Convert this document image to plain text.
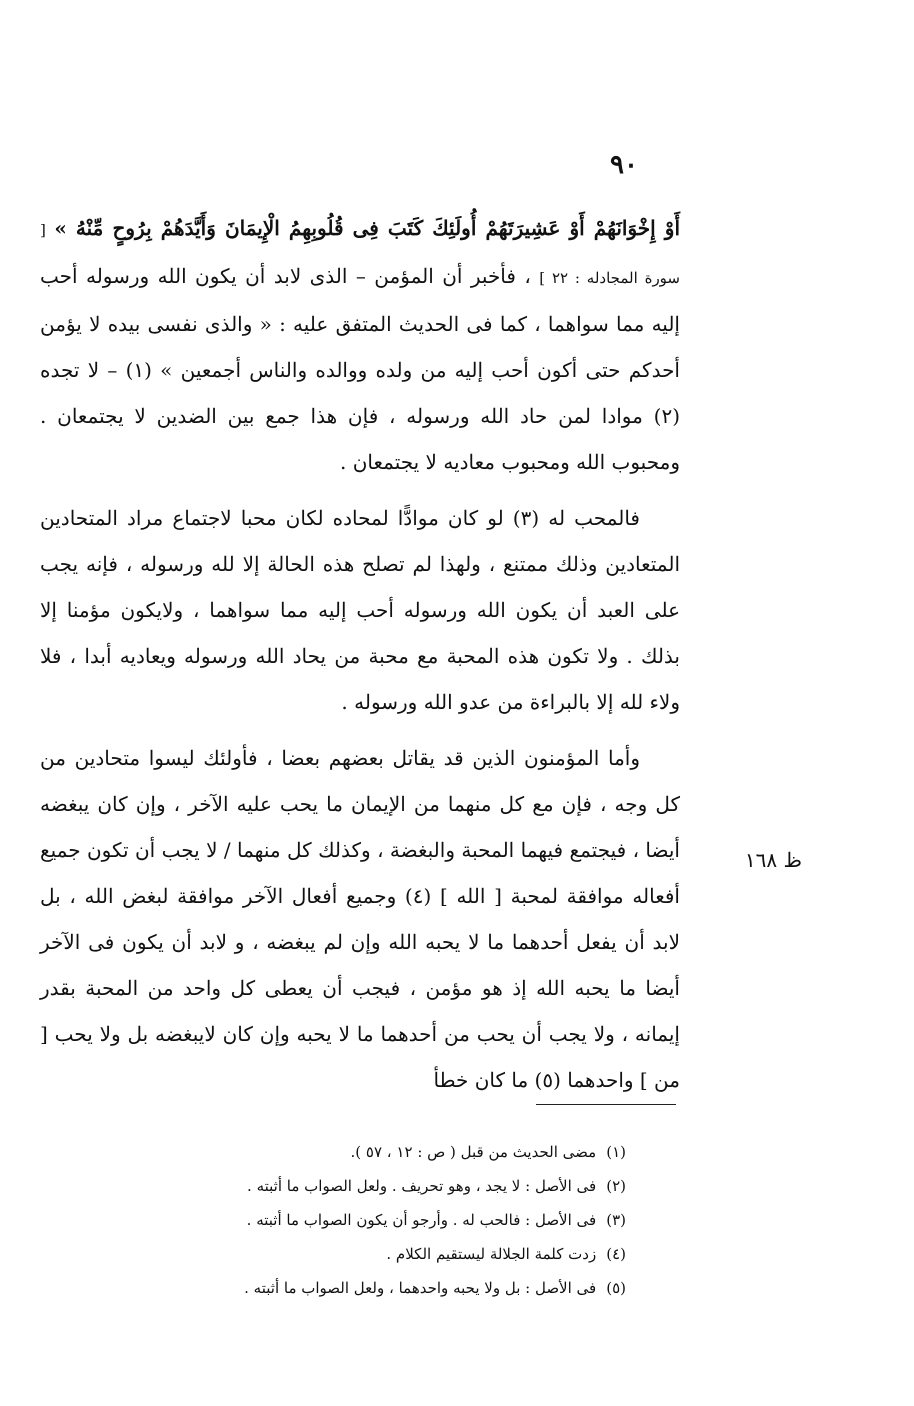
٩٠

أَوْ إِخْوَانَهُمْ أَوْ عَشِيرَتَهُمْ أُولَئِكَ كَتَبَ فِى قُلُوبِهِمُ الْإِيمَانَ وَأَيَّدَهُمْ بِرُوحٍ مِّنْهُ » [ سورة المجادله : ٢٢ ] ، فأخبر أن المؤمن – الذى لابد أن يكون الله ورسوله أحب إليه مما سواهما ، كما فى الحديث المتفق عليه : « والذى نفسى بيده لا يؤمن أحدكم حتى أكون أحب إليه من ولده ووالده والناس أجمعين » (١) – لا تجده (٢) موادا لمن حاد الله ورسوله ، فإن هذا جمع بين الضدين لا يجتمعان . ومحبوب الله ومحبوب معاديه لا يجتمعان .

فالمحب له (٣) لو كان موادًّا لمحاده لكان محبا لاجتماع مراد المتحادين المتعادين وذلك ممتنع ، ولهذا لم تصلح هذه الحالة إلا لله ورسوله ، فإنه يجب على العبد أن يكون الله ورسوله أحب إليه مما سواهما ، ولايكون مؤمنا إلا بذلك . ولا تكون هذه المحبة مع محبة من يحاد الله ورسوله ويعاديه أبدا ، فلا ولاء لله إلا بالبراءة من عدو الله ورسوله .

وأما المؤمنون الذين قد يقاتل بعضهم بعضا ، فأولئك ليسوا متحادين من كل وجه ، فإن مع كل منهما من الإيمان ما يحب عليه الآخر ، وإن كان يبغضه أيضا ، فيجتمع فيهما المحبة والبغضة ، وكذلك كل منهما / لا يجب أن تكون جميع أفعاله موافقة لمحبة [ الله ] (٤) وجميع أفعال الآخر موافقة لبغض الله ، بل لابد أن يفعل أحدهما ما لا يحبه الله وإن لم يبغضه ، و لابد أن يكون فى الآخر أيضا ما يحبه الله إذ هو مؤمن ، فيجب أن يعطى كل واحد من المحبة بقدر إيمانه ، ولا يجب أن يحب من أحدهما ما لا يحبه وإن كان لايبغضه بل ولا يحب [ من ] واحدهما (٥) ما كان خطأ

ظ ١٦٨
(١)مضى الحديث من قبل ( ص : ١٢ ، ٥٧ ).
(٢)فى الأصل : لا يجد ، وهو تحريف . ولعل الصواب ما أثبته .
(٣)فى الأصل : فالحب له . وأرجو أن يكون الصواب ما أثبته .
(٤)زدت كلمة الجلالة ليستقيم الكلام .
(٥)فى الأصل : بل ولا يحبه واحدهما ، ولعل الصواب ما أثبته .
